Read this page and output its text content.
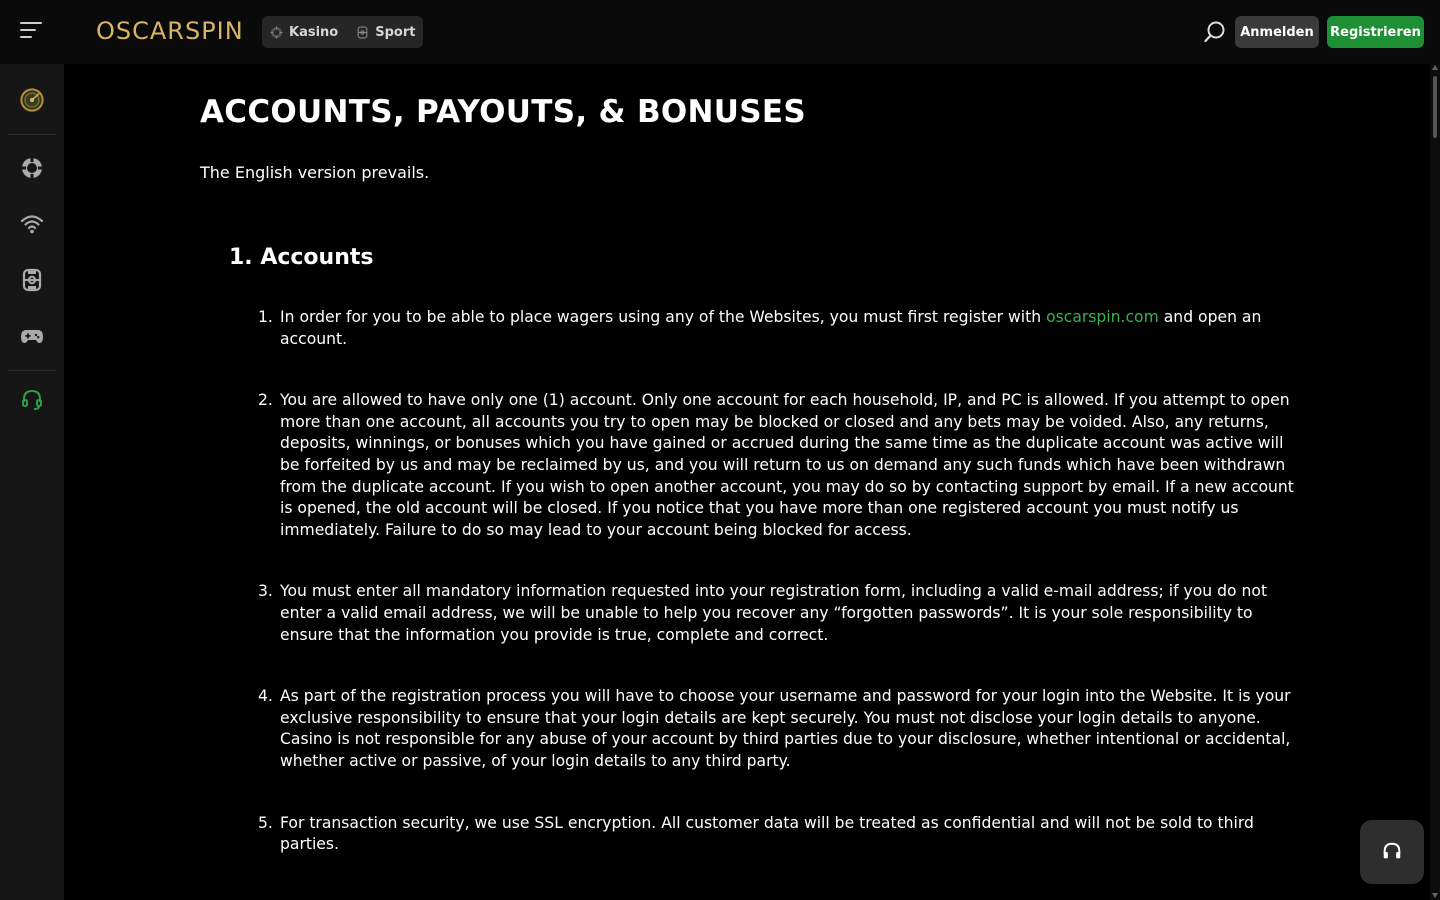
OSCARSPIN	Kasino	Sport	Anmelden	Registrieren
ACCOUNTS, PAYOUTS, & BONUSES

The English version prevails.

1. Accounts
1. In order for you to be able to place wagers using any of the Websites, you must first register with oscarspin.com and open an account.
2. You are allowed to have only one (1) account. Only one account for each household, IP, and PC is allowed. If you attempt to open more than one account, all accounts you try to open may be blocked or closed and any bets may be voided. Also, any returns, deposits, winnings, or bonuses which you have gained or accrued during the same time as the duplicate account was active will be forfeited by us and may be reclaimed by us, and you will return to us on demand any such funds which have been withdrawn from the duplicate account. If you wish to open another account, you may do so by contacting support by email. If a new account is opened, the old account will be closed. If you notice that you have more than one registered account you must notify us immediately. Failure to do so may lead to your account being blocked for access.
3. You must enter all mandatory information requested into your registration form, including a valid e-mail address; if you do not enter a valid email address, we will be unable to help you recover any “forgotten passwords”. It is your sole responsibility to ensure that the information you provide is true, complete and correct.
4. As part of the registration process you will have to choose your username and password for your login into the Website. It is your exclusive responsibility to ensure that your login details are kept securely. You must not disclose your login details to anyone. Casino is not responsible for any abuse of your account by third parties due to your disclosure, whether intentional or accidental, whether active or passive, of your login details to any third party.
5. For transaction security, we use SSL encryption. All customer data will be treated as confidential and will not be sold to third parties.
